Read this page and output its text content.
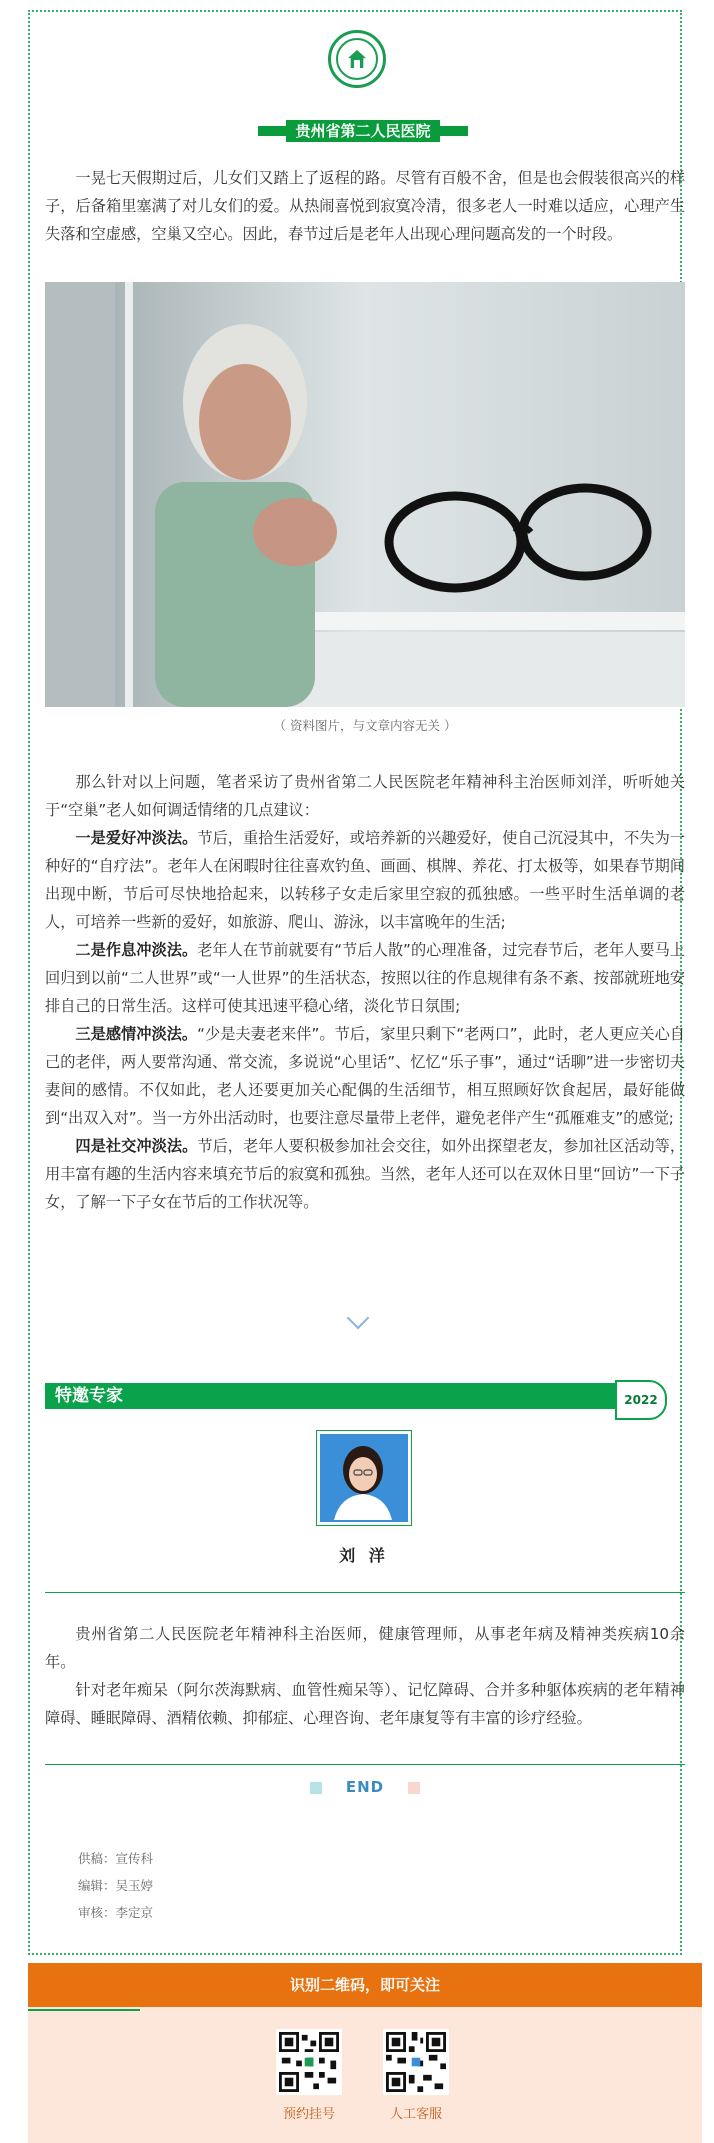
贵州省第二人民医院

一晃七天假期过后，儿女们又踏上了返程的路。尽管有百般不舍，但是也会假装很高兴的样子，后备箱里塞满了对儿女们的爱。从热闹喜悦到寂寞冷清，很多老人一时难以适应，心理产生失落和空虚感，空巢又空心。因此，春节过后是老年人出现心理问题高发的一个时段。

（ 资料图片，与文章内容无关 ）

那么针对以上问题，笔者采访了贵州省第二人民医院老年精神科主治医师刘洋，听听她关于“空巢”老人如何调适情绪的几点建议：

一是爱好冲淡法。节后，重拾生活爱好，或培养新的兴趣爱好，使自己沉浸其中，不失为一种好的“自疗法”。老年人在闲暇时往往喜欢钓鱼、画画、棋牌、养花、打太极等，如果春节期间出现中断，节后可尽快地拾起来，以转移子女走后家里空寂的孤独感。一些平时生活单调的老人，可培养一些新的爱好，如旅游、爬山、游泳，以丰富晚年的生活;

二是作息冲淡法。老年人在节前就要有“节后人散”的心理准备，过完春节后，老年人要马上回归到以前“二人世界”或“一人世界”的生活状态，按照以往的作息规律有条不紊、按部就班地安排自己的日常生活。这样可使其迅速平稳心绪，淡化节日氛围;

三是感情冲淡法。“少是夫妻老来伴”。节后，家里只剩下“老两口”，此时，老人更应关心自己的老伴，两人要常沟通、常交流，多说说“心里话”、忆忆“乐子事”，通过“话聊”进一步密切夫妻间的感情。不仅如此，老人还要更加关心配偶的生活细节，相互照顾好饮食起居，最好能做到“出双入对”。当一方外出活动时，也要注意尽量带上老伴，避免老伴产生“孤雁难支”的感觉;

四是社交冲淡法。节后，老年人要积极参加社会交往，如外出探望老友，参加社区活动等，用丰富有趣的生活内容来填充节后的寂寞和孤独。当然，老年人还可以在双休日里“回访”一下子女，了解一下子女在节后的工作状况等。

特邀专家	2022
刘 洋

贵州省第二人民医院老年精神科主治医师，健康管理师，从事老年病及精神类疾病10余年。

针对老年痴呆（阿尔茨海默病、血管性痴呆等）、记忆障碍、合并多种躯体疾病的老年精神障碍、睡眠障碍、酒精依赖、抑郁症、心理咨询、老年康复等有丰富的诊疗经验。

END
供稿：宣传科
编辑：吴玉婷
审核：李定京
识别二维码，即可关注
预约挂号	人工客服
